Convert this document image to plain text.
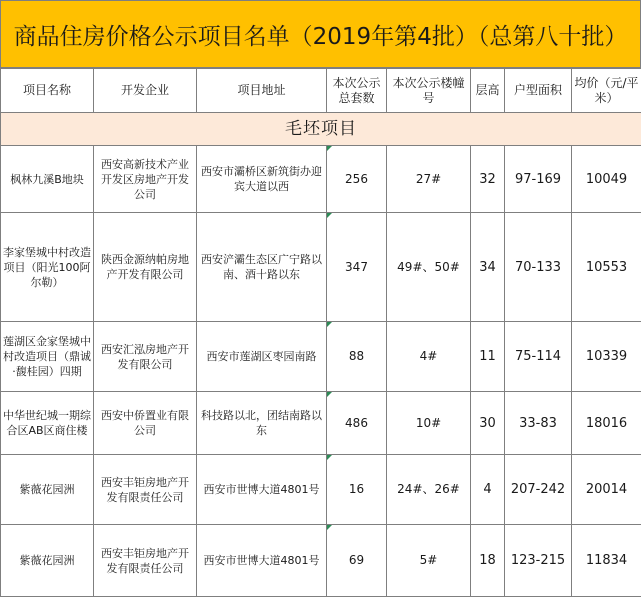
商品住房价格公示项目名单（2019年第4批）（总第八十批）
项目名称	开发企业	项目地址	本次公示总套数	本次公示楼幢号	层高	户型面积	均价（元/平米）
毛坯项目							
枫林九溪B地块	西安高新技术产业开发区房地产开发公司	西安市灞桥区新筑街办迎宾大道以西	256	27#	32	97-169	10049
李家堡城中村改造项目（阳光100阿尔勒）	陕西金源纳帕房地产开发有限公司	西安浐灞生态区广宁路以南、酒十路以东	347	49#、50#	34	70-133	10553
莲湖区金家堡城中村改造项目（鼎诚·馥桂园）四期	西安汇泓房地产开发有限公司	西安市莲湖区枣园南路	88	4#	11	75-114	10339
中华世纪城一期综合区AB区商住楼	西安中侨置业有限公司	科技路以北，团结南路以东	486	10#	30	33-83	18016
紫薇花园洲	西安丰钜房地产开发有限责任公司	西安市世博大道4801号	16	24#、26#	4	207-242	20014
紫薇花园洲	西安丰钜房地产开发有限责任公司	西安市世博大道4801号	69	5#	18	123-215	11834
